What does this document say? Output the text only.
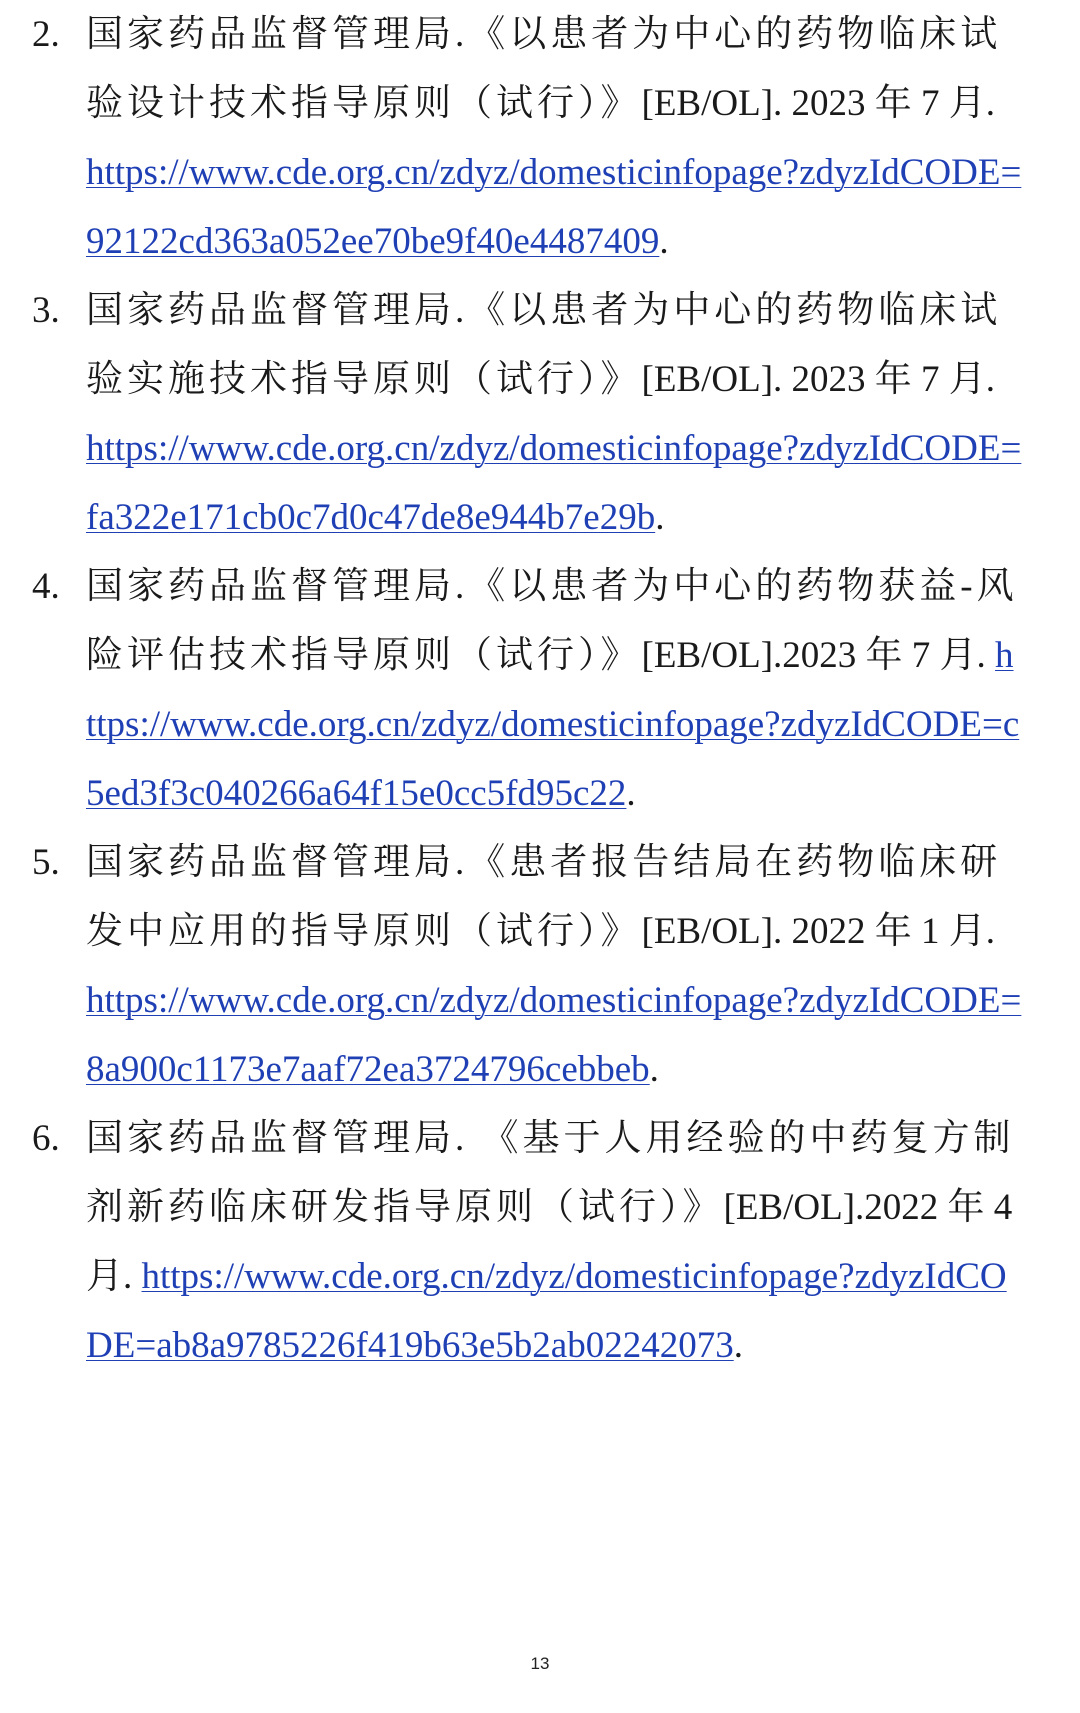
2. 国家药品监督管理局.《以患者为中心的药物临床试验设计技术指导原则（试行）》[EB/OL]. 2023 年 7 月. https://www.cde.org.cn/zdyz/domesticinfopage?zdyzIdCODE=92122cd363a052ee70be9f40e4487409.
3. 国家药品监督管理局.《以患者为中心的药物临床试验实施技术指导原则（试行）》[EB/OL]. 2023 年 7 月. https://www.cde.org.cn/zdyz/domesticinfopage?zdyzIdCODE=fa322e171cb0c7d0c47de8e944b7e29b.
4. 国家药品监督管理局.《以患者为中心的药物获益-风险评估技术指导原则（试行）》[EB/OL].2023 年 7 月. https://www.cde.org.cn/zdyz/domesticinfopage?zdyzIdCODE=c5ed3f3c040266a64f15e0cc5fd95c22.
5. 国家药品监督管理局.《患者报告结局在药物临床研发中应用的指导原则（试行）》[EB/OL]. 2022 年 1 月. https://www.cde.org.cn/zdyz/domesticinfopage?zdyzIdCODE=8a900c1173e7aaf72ea3724796cebbeb.
6. 国家药品监督管理局. 《基于人用经验的中药复方制剂新药临床研发指导原则（试行）》[EB/OL].2022 年 4 月. https://www.cde.org.cn/zdyz/domesticinfopage?zdyzIdCODE=ab8a9785226f419b63e5b2ab02242073.
13
